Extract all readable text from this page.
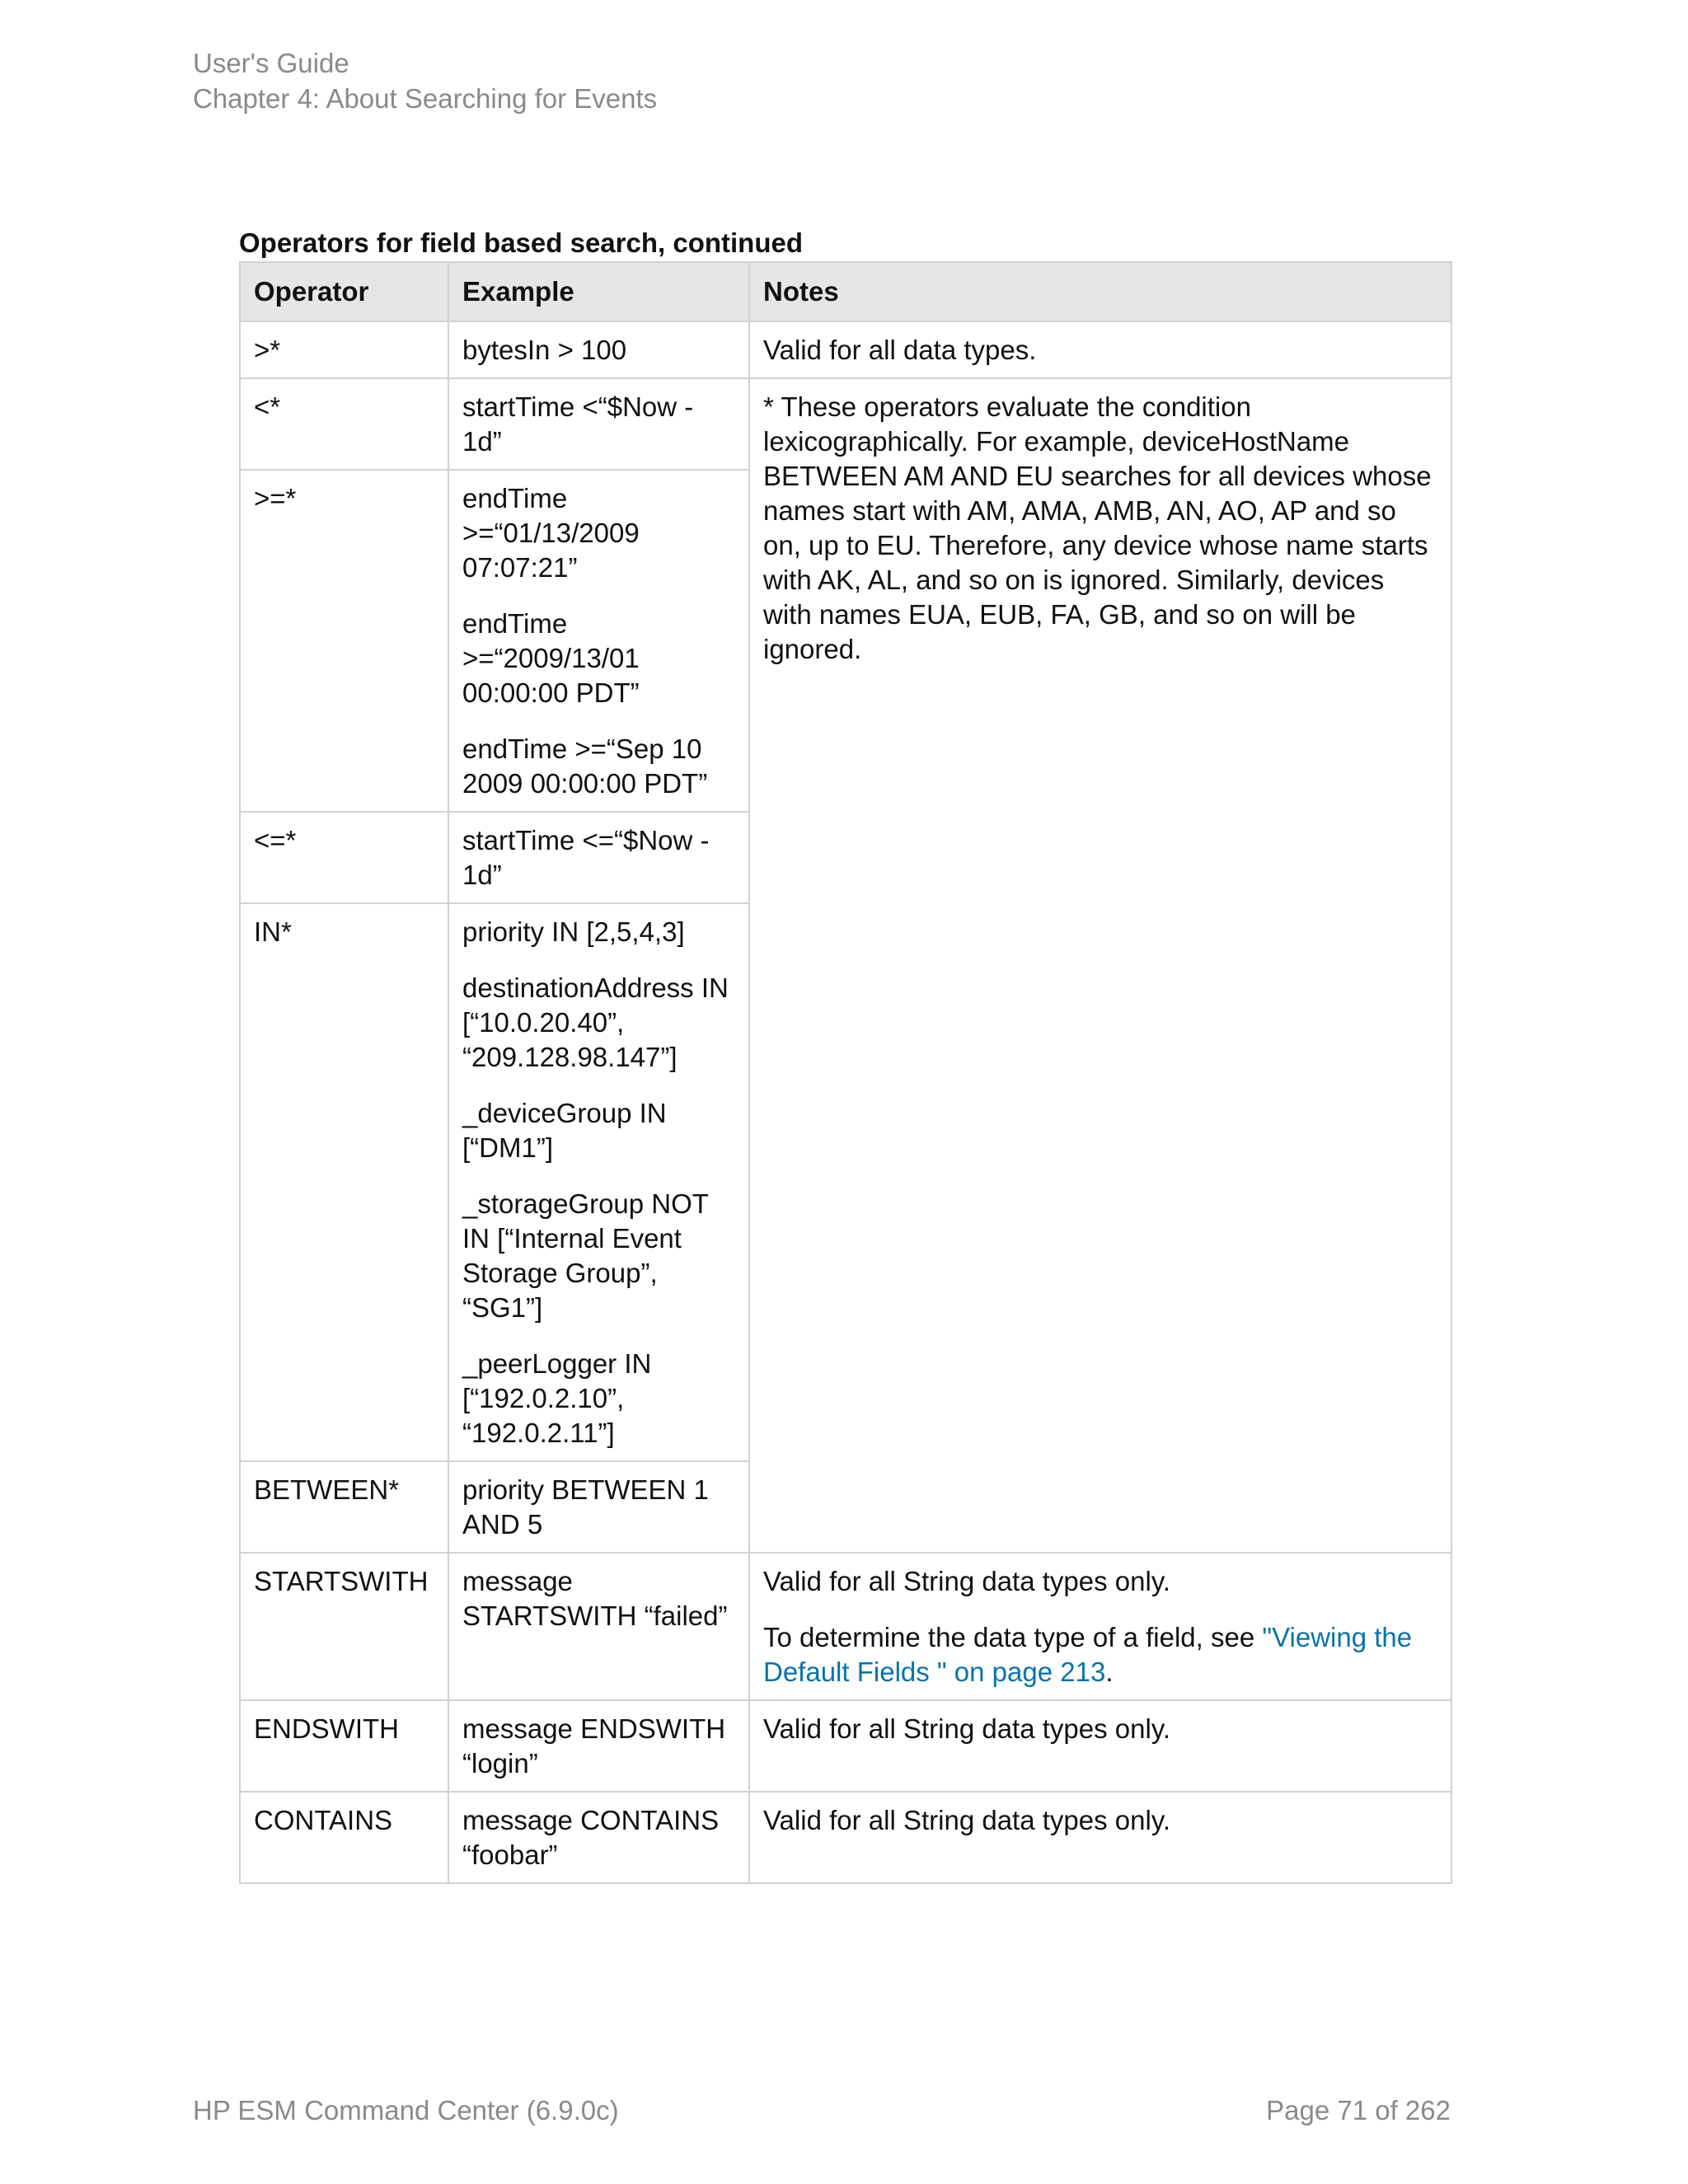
User's Guide
Chapter 4: About Searching for Events
Operators for field based search, continued
Operator	Example	Notes
>*	bytesIn > 100	Valid for all data types.
<*	startTime <“$Now - 1d”	* These operators evaluate the condition lexicographically. For example, deviceHostName BETWEEN AM AND EU searches for all devices whose names start with AM, AMA, AMB, AN, AO, AP and so on, up to EU. Therefore, any device whose name starts with AK, AL, and so on is ignored. Similarly, devices with names EUA, EUB, FA, GB, and so on will be ignored.
>=*	endTime >=“01/13/2009 07:07:21”
endTime >=“2009/13/01 00:00:00 PDT”
endTime >=“Sep 10 2009 00:00:00 PDT”	

<=*	startTime <=“$Now - 1d”	

IN*	priority IN [2,5,4,3]
destinationAddress IN [“10.0.20.40”, “209.128.98.147”]
_deviceGroup IN [“DM1”]
_storageGroup NOT IN [“Internal Event Storage Group”, “SG1”]
_peerLogger IN [“192.0.2.10”, “192.0.2.11”]	

BETWEEN*	priority BETWEEN 1 AND 5	

STARTSWITH	message STARTSWITH “failed”	Valid for all String data types only.
To determine the data type of a field, see "Viewing the Default Fields " on page 213.

ENDSWITH	message ENDSWITH “login”	Valid for all String data types only.
CONTAINS	message CONTAINS “foobar”	Valid for all String data types only.
HP ESM Command Center (6.9.0c)	Page 71 of 262
